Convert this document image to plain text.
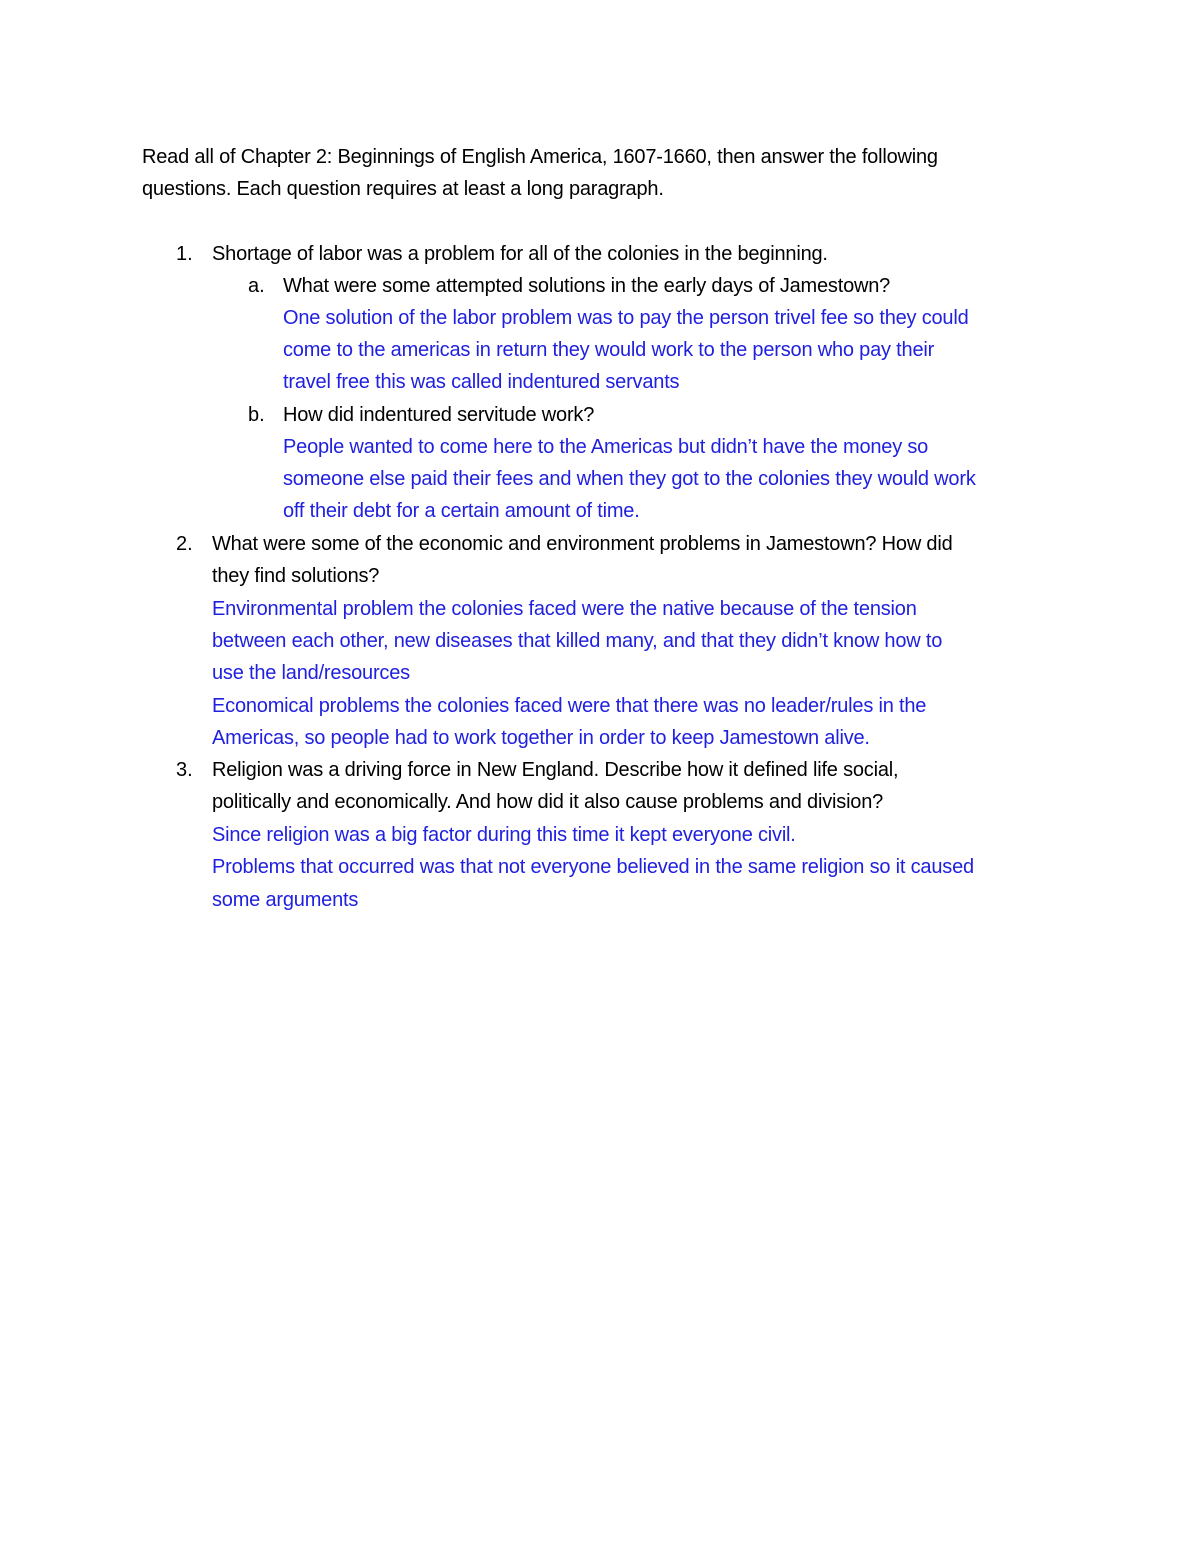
Read all of Chapter 2: Beginnings of English America, 1607-1660, then answer the following
questions. Each question requires at least a long paragraph.
1. Shortage of labor was a problem for all of the colonies in the beginning.
a. What were some attempted solutions in the early days of Jamestown?
One solution of the labor problem was to pay the person trivel fee so they could
come to the americas in return they would work to the person who pay their
travel free this was called indentured servants
b. How did indentured servitude work?
People wanted to come here to the Americas but didn’t have the money so
someone else paid their fees and when they got to the colonies they would work
off their debt for a certain amount of time.
2. What were some of the economic and environment problems in Jamestown? How did
they find solutions?
Environmental problem the colonies faced were the native because of the tension
between each other, new diseases that killed many, and that they didn’t know how to
use the land/resources
Economical problems the colonies faced were that there was no leader/rules in the
Americas, so people had to work together in order to keep Jamestown alive.
3. Religion was a driving force in New England. Describe how it defined life social,
politically and economically. And how did it also cause problems and division?
Since religion was a big factor during this time it kept everyone civil.
Problems that occurred was that not everyone believed in the same religion so it caused
some arguments
